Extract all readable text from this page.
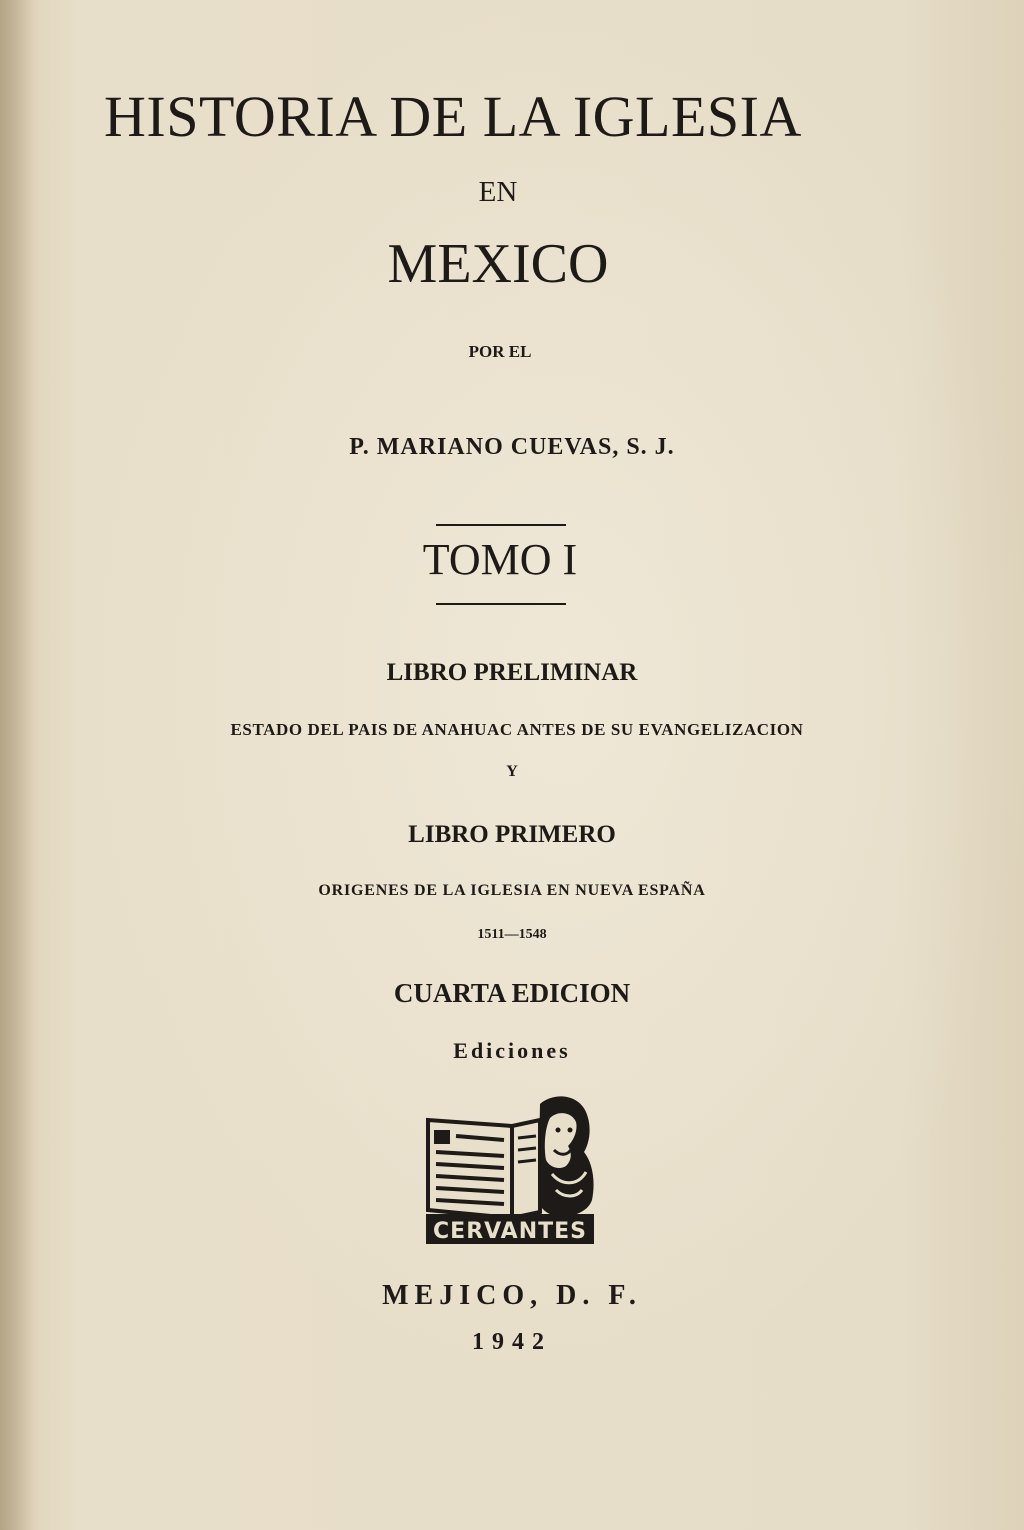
HISTORIA DE LA IGLESIA
EN
MEXICO
POR EL
P. MARIANO CUEVAS, S. J.
TOMO I
LIBRO PRELIMINAR
ESTADO DEL PAIS DE ANAHUAC ANTES DE SU EVANGELIZACION
Y
LIBRO PRIMERO
ORIGENES DE LA IGLESIA EN NUEVA ESPAÑA
1511—1548
CUARTA EDICION
Ediciones
CERVANTES
MEJICO, D. F.
1942
